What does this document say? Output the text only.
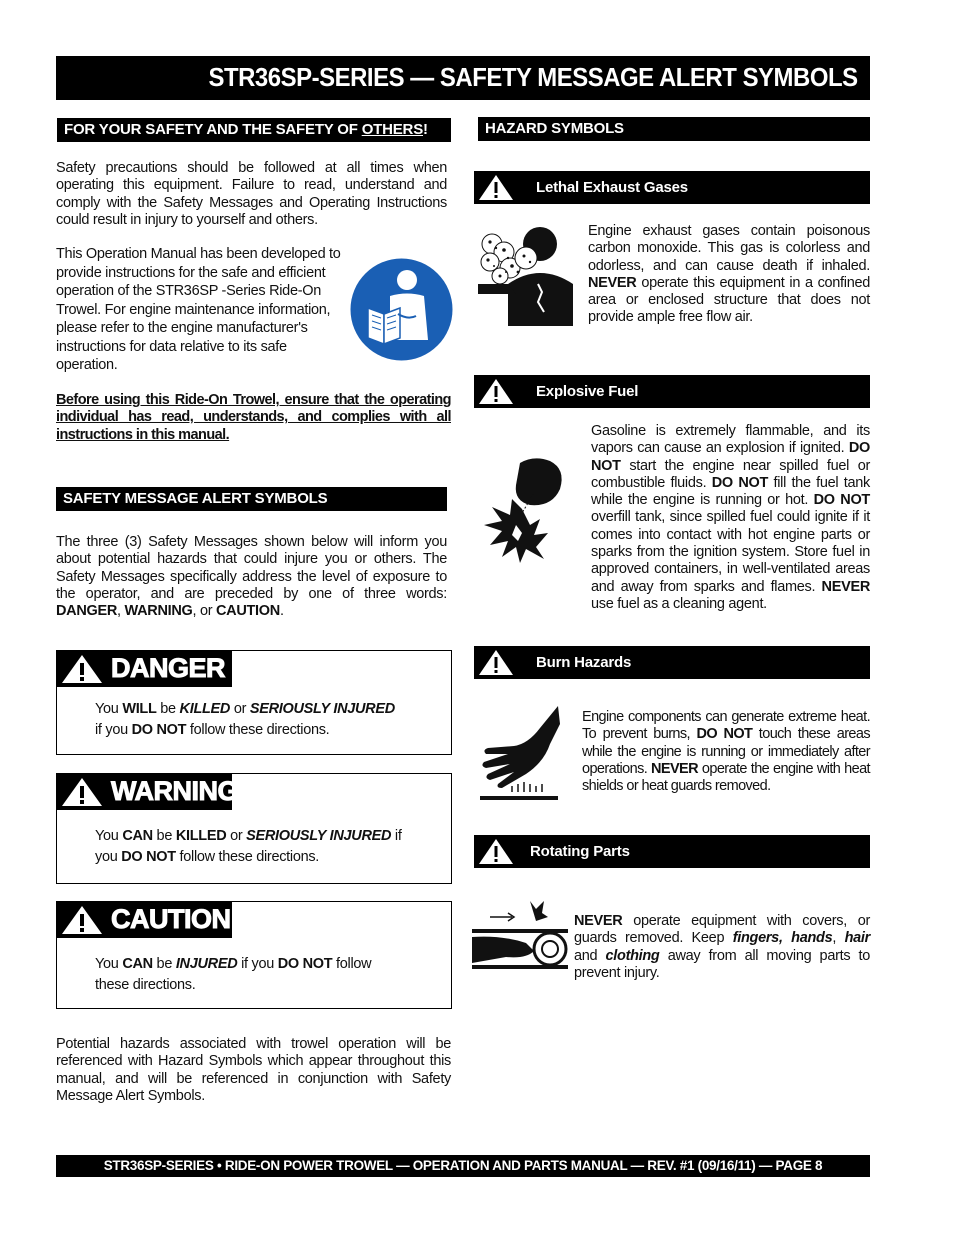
STR36SP-SERIES — SAFETY MESSAGE ALERT SYMBOLS
FOR YOUR SAFETY AND THE SAFETY OF OTHERS!
Safety precautions should be followed at all times when operating this equipment. Failure to read, understand and comply with the Safety Messages and Operating Instructions could result in injury to yourself and others.
This Operation Manual has been developed to provide instructions for the safe and efficient operation of the STR36SP -Series Ride-On Trowel. For engine maintenance information, please refer to the engine manufacturer's instructions for data relative to its safe operation.
Before using this Ride-On Trowel, ensure that the operating individual has read, understands, and complies with all instructions in this manual.
SAFETY MESSAGE ALERT SYMBOLS
The three (3) Safety Messages shown below will inform you about potential hazards that could injure you or others. The Safety Messages specifically address the level of exposure to the operator, and are preceded by one of three words: DANGER, WARNING, or CAUTION.
DANGER
You WILL be KILLED or SERIOUSLY INJURED
if you DO NOT follow these directions.
WARNING
You CAN be KILLED or SERIOUSLY INJURED if
you DO NOT follow these directions.
CAUTION
You CAN be INJURED if you DO NOT follow
these directions.
Potential hazards associated with trowel operation will be referenced with Hazard Symbols which appear throughout this manual, and will be referenced in conjunction with Safety Message Alert Symbols.
HAZARD SYMBOLS
Lethal Exhaust Gases
Engine exhaust gases contain poisonous carbon monoxide. This gas is colorless and odorless, and can cause death if inhaled. NEVER operate this equipment in a confined area or enclosed structure that does not provide ample free flow air.
Explosive Fuel
Gasoline is extremely flammable, and its vapors can cause an explosion if ignited. DO NOT start the engine near spilled fuel or combustible fluids. DO NOT fill the fuel tank while the engine is running or hot. DO NOT overfill tank, since spilled fuel could ignite if it comes into contact with hot engine parts or sparks from the ignition system. Store fuel in approved containers, in well-ventilated areas and away from sparks and flames. NEVER use fuel as a cleaning agent.
Burn Hazards
Engine components can generate extreme heat. To prevent burns, DO NOT touch these areas while the engine is running or immediately after operations. NEVER operate the engine with heat shields or heat guards removed.
Rotating Parts
NEVER operate equipment with covers, or guards removed. Keep fingers, hands, hair and clothing away from all moving parts to prevent injury.
STR36SP-SERIES • RIDE-ON POWER TROWEL — OPERATION AND PARTS MANUAL — REV. #1 (09/16/11) — PAGE 8
